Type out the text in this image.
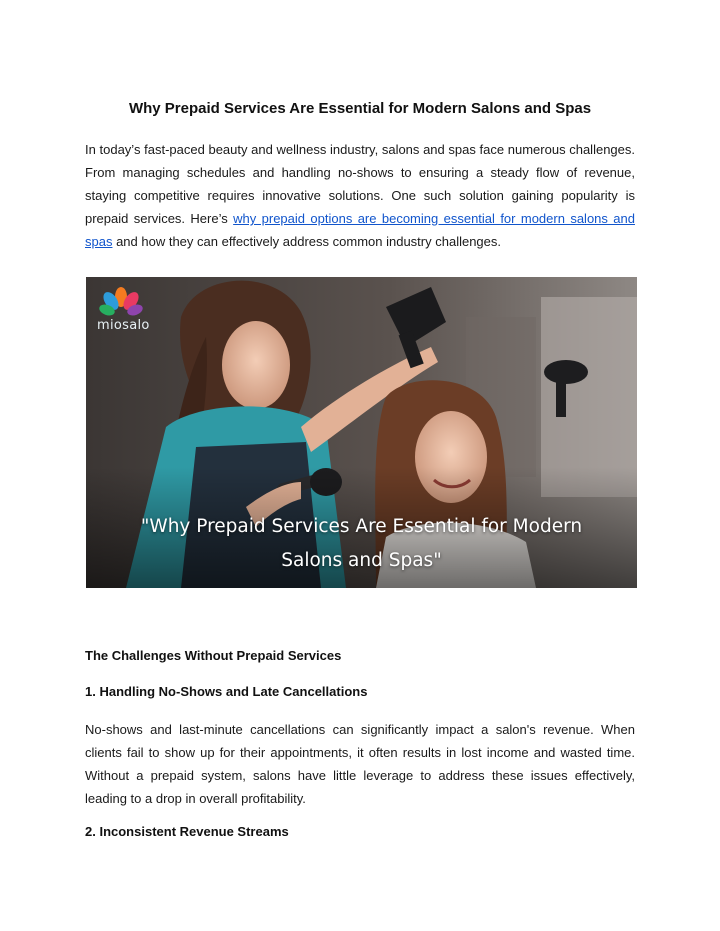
Why Prepaid Services Are Essential for Modern Salons and Spas

In today’s fast-paced beauty and wellness industry, salons and spas face numerous challenges. From managing schedules and handling no-shows to ensuring a steady flow of revenue, staying competitive requires innovative solutions. One such solution gaining popularity is prepaid services. Here’s why prepaid options are becoming essential for modern salons and spas and how they can effectively address common industry challenges.

miosalo
"Why Prepaid Services Are Essential for Modern
Salons and Spas"
The Challenges Without Prepaid Services
1. Handling No-Shows and Late Cancellations

No-shows and last-minute cancellations can significantly impact a salon's revenue. When clients fail to show up for their appointments, it often results in lost income and wasted time. Without a prepaid system, salons have little leverage to address these issues effectively, leading to a drop in overall profitability.

2. Inconsistent Revenue Streams
